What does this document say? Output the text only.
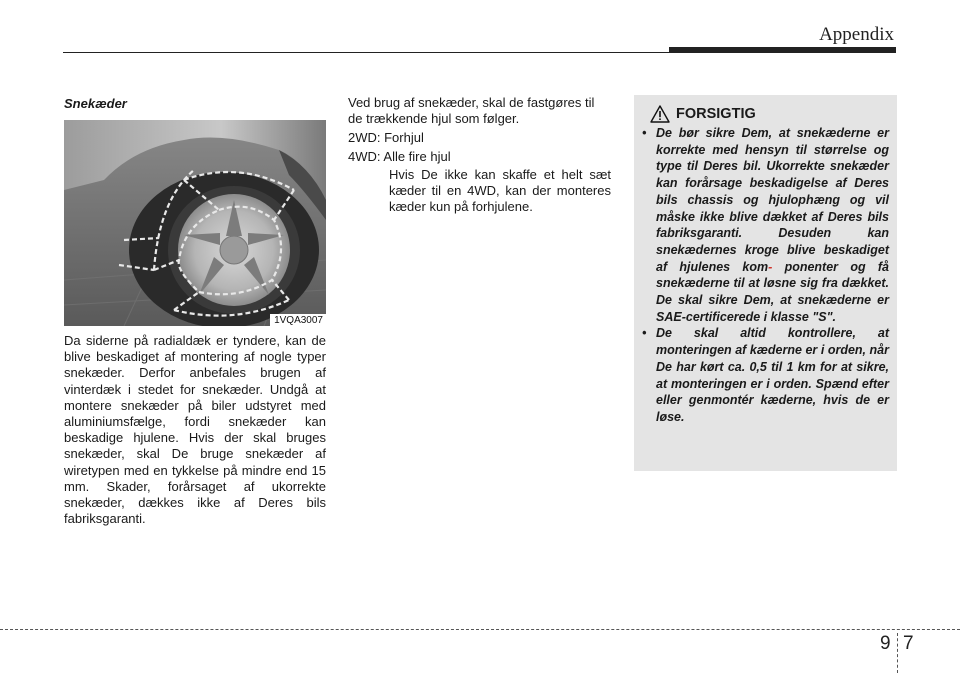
Appendix
Snekæder
1VQA3007
Da siderne på radialdæk er tyndere, kan de blive beskadiget af montering af nogle typer snekæder. Derfor anbefales brugen af vinterdæk i stedet for snekæder. Undgå at montere snekæder på biler udstyret med aluminiumsfælge, fordi snekæder kan beskadige hjulene. Hvis der skal bruges snekæder, skal De bruge snekæder af wiretypen med en tykkelse på mindre end 15 mm. Skader, forårsaget af ukorrekte snekæder, dækkes ikke af Deres bils fabriksgaranti.
Ved brug af snekæder, skal de fastgøres til de trækkende hjul som følger.
2WD: Forhjul
4WD: Alle fire hjul
Hvis De ikke kan skaffe et helt sæt kæder til en 4WD, kan der monteres kæder kun på forhjulene.
FORSIGTIG
• De bør sikre Dem, at snekæderne er korrekte med hensyn til størrelse og type til Deres bil. Ukorrekte snekæder kan forårsage beskadigelse af Deres bils chassis og hjulophæng og vil måske ikke blive dækket af Deres bils fabriksgaranti. Desuden kan snekædernes kroge blive beskadiget af hjulenes kom- ponenter og få snekæderne til at løsne sig fra dækket. De skal sikre Dem, at snekæderne er SAE-certificerede i klasse "S".
• De skal altid kontrollere, at monteringen af kæderne er i orden, når De har kørt ca. 0,5 til 1 km for at sikre, at monteringen er i orden. Spænd efter eller genmontér kæderne, hvis de er løse.
9 7
